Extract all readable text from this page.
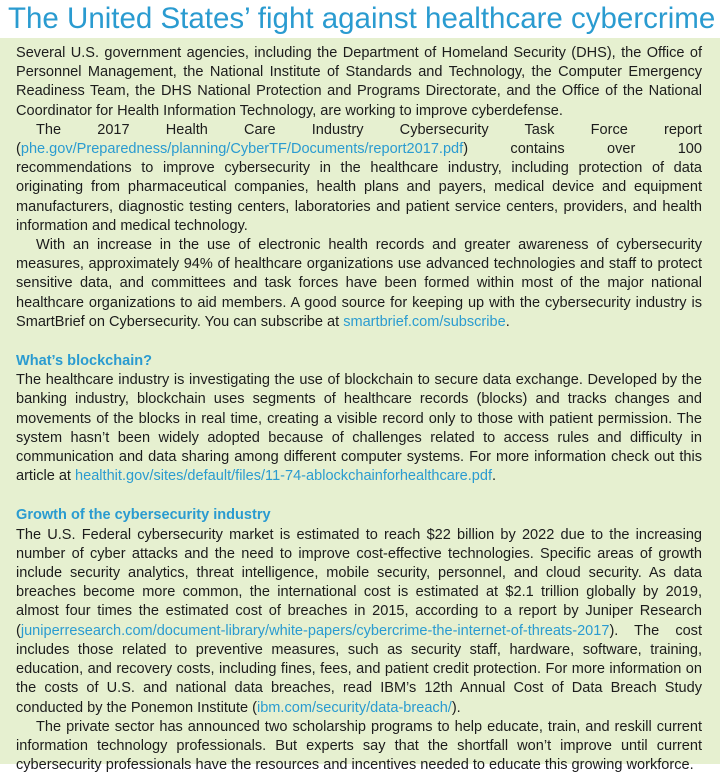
The United States’ fight against healthcare cybercrime

Several U.S. government agencies, including the Department of Homeland Security (DHS), the Office of Personnel Management, the National Institute of Standards and Technology, the Computer Emergency Readiness Team, the DHS National Protection and Programs Directorate, and the Office of the National Coordinator for Health Information Technology, are working to improve cyberdefense.

The 2017 Health Care Industry Cybersecurity Task Force report (phe.gov/Preparedness/planning/CyberTF/Documents/report2017.pdf) contains over 100 recommendations to improve cybersecurity in the healthcare industry, including protection of data originating from pharmaceutical companies, health plans and payers, medical device and equipment manufacturers, diagnostic testing centers, laboratories and patient service centers, providers, and health information and medical technology.

With an increase in the use of electronic health records and greater awareness of cybersecurity measures, approximately 94% of healthcare organizations use advanced technologies and staff to protect sensitive data, and committees and task forces have been formed within most of the major national healthcare organizations to aid members. A good source for keeping up with the cybersecurity industry is SmartBrief on Cybersecurity. You can subscribe at smartbrief.com/subscribe.

What’s blockchain?

The healthcare industry is investigating the use of blockchain to secure data exchange. Developed by the banking industry, blockchain uses segments of healthcare records (blocks) and tracks changes and movements of the blocks in real time, creating a visible record only to those with patient permission. The system hasn’t been widely adopted because of challenges related to access rules and difficulty in communication and data sharing among different computer systems. For more information check out this article at healthit.gov/sites/default/files/11-74-ablockchainforhealthcare.pdf.

Growth of the cybersecurity industry

The U.S. Federal cybersecurity market is estimated to reach $22 billion by 2022 due to the increasing number of cyber attacks and the need to improve cost-effective technologies. Specific areas of growth include security analytics, threat intelligence, mobile security, personnel, and cloud security. As data breaches become more common, the international cost is estimated at $2.1 trillion globally by 2019, almost four times the estimated cost of breaches in 2015, according to a report by Juniper Research (juniperresearch.com/document-library/white-papers/cybercrime-the-internet-of-threats-2017). The cost includes those related to preventive measures, such as security staff, hardware, software, training, education, and recovery costs, including fines, fees, and patient credit protection. For more information on the costs of U.S. and national data breaches, read IBM’s 12th Annual Cost of Data Breach Study conducted by the Ponemon Institute (ibm.com/security/data-breach/).

The private sector has announced two scholarship programs to help educate, train, and reskill current information technology professionals. But experts say that the shortfall won’t improve until current cybersecurity professionals have the resources and incentives needed to educate this growing workforce.
